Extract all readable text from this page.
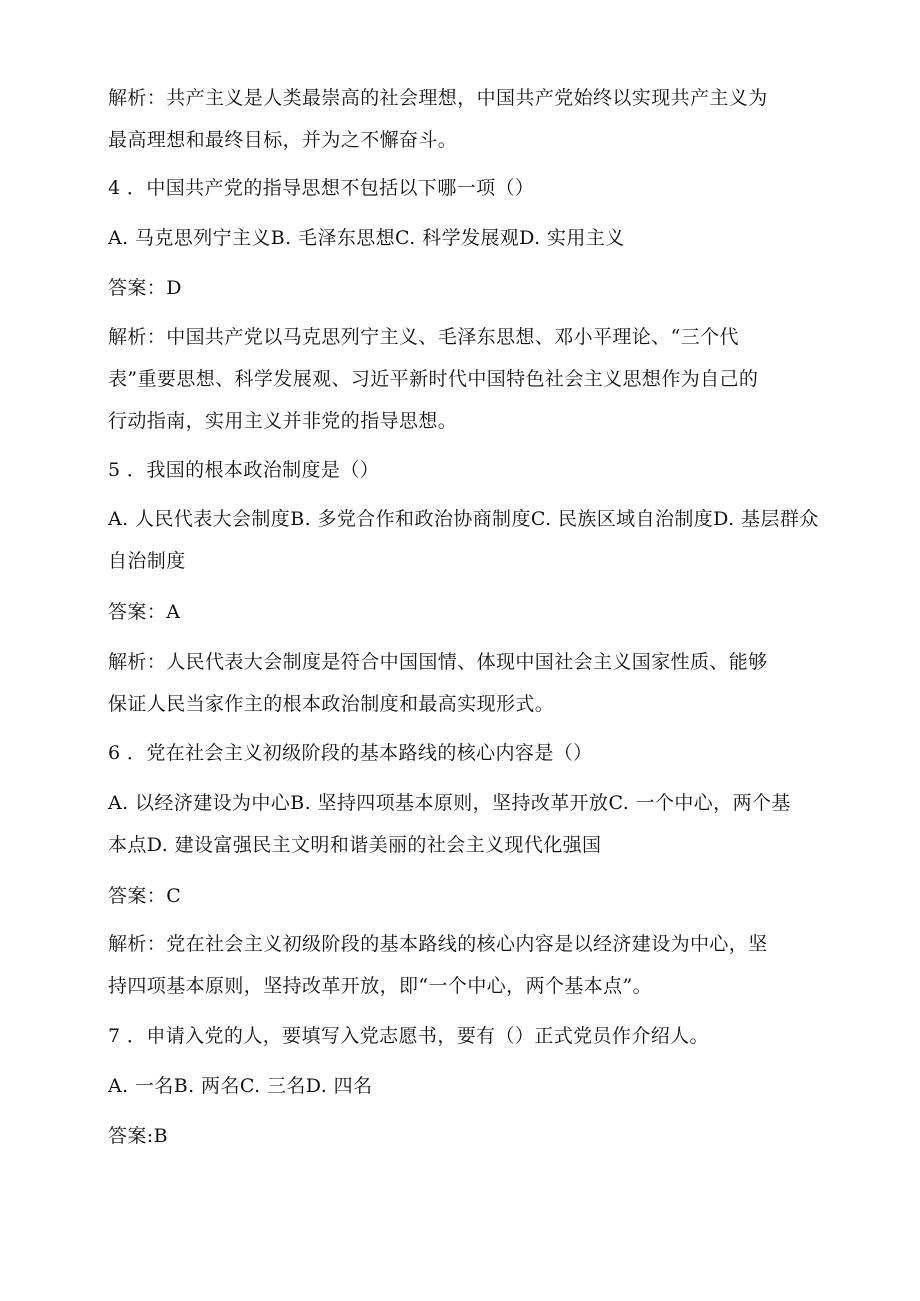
解析：共产主义是人类最崇高的社会理想，中国共产党始终以实现共产主义为
最高理想和最终目标，并为之不懈奋斗。
4 ．中国共产党的指导思想不包括以下哪一项（）
A. 马克思列宁主义B. 毛泽东思想C. 科学发展观D. 实用主义
答案：D
解析：中国共产党以马克思列宁主义、毛泽东思想、邓小平理论、“三个代
表”重要思想、科学发展观、习近平新时代中国特色社会主义思想作为自己的
行动指南，实用主义并非党的指导思想。
5 ．我国的根本政治制度是（）
A. 人民代表大会制度B. 多党合作和政治协商制度C. 民族区域自治制度D. 基层群众
自治制度
答案：A
解析：人民代表大会制度是符合中国国情、体现中国社会主义国家性质、能够
保证人民当家作主的根本政治制度和最高实现形式。
6 ．党在社会主义初级阶段的基本路线的核心内容是（）
A. 以经济建设为中心B. 坚持四项基本原则，坚持改革开放C. 一个中心，两个基
本点D. 建设富强民主文明和谐美丽的社会主义现代化强国
答案：C
解析：党在社会主义初级阶段的基本路线的核心内容是以经济建设为中心，坚
持四项基本原则，坚持改革开放，即“一个中心，两个基本点”。
7 ．申请入党的人，要填写入党志愿书，要有（）正式党员作介绍人。
A. 一名B. 两名C. 三名D. 四名
答案:B
